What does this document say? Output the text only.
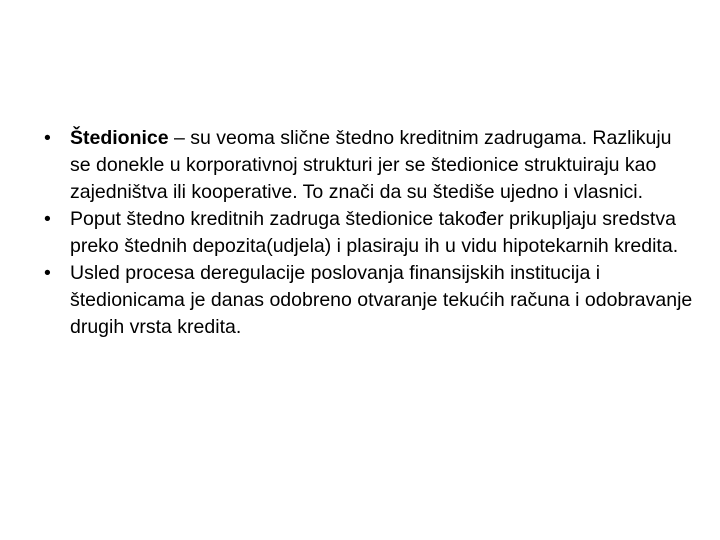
• Štedionice – su veoma slične štedno kreditnim zadrugama. Razlikuju se donekle u korporativnoj strukturi jer se štedionice struktuiraju kao zajedništva ili kooperative. To znači da su štediše ujedno i vlasnici.
• Poput štedno kreditnih zadruga štedionice također prikupljaju sredstva preko štednih depozita(udjela) i plasiraju ih u vidu hipotekarnih kredita.
• Usled procesa deregulacije poslovanja finansijskih institucija i štedionicama je danas odobreno otvaranje tekućih računa i odobravanje drugih vrsta kredita.
